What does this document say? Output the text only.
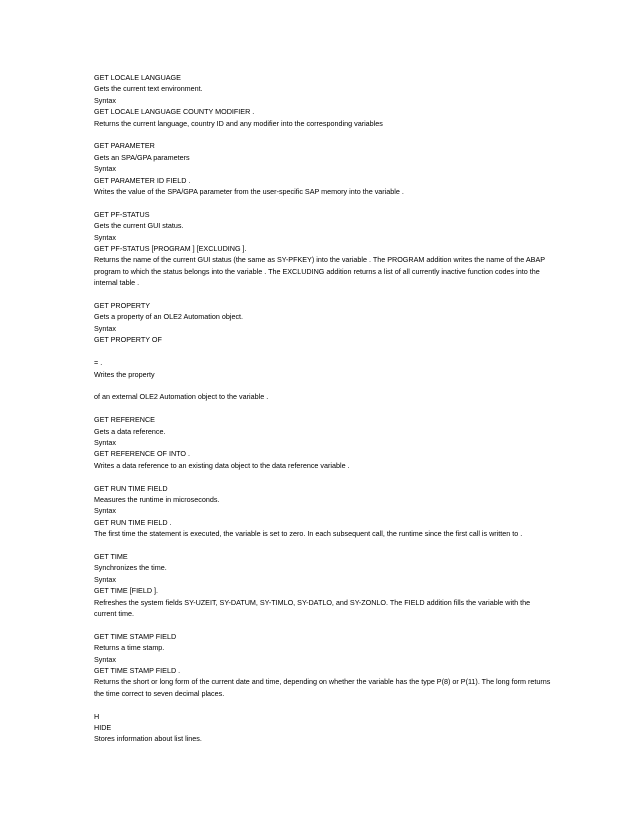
GET LOCALE LANGUAGE
Gets the current text environment.
Syntax
GET LOCALE LANGUAGE COUNTY MODIFIER .
Returns the current language, country ID and any modifier into the corresponding variables
GET PARAMETER
Gets an SPA/GPA parameters
Syntax
GET PARAMETER ID FIELD .
Writes the value of the SPA/GPA parameter from the user-specific SAP memory into the variable .
GET PF-STATUS
Gets the current GUI status.
Syntax
GET PF-STATUS [PROGRAM ] [EXCLUDING ].
Returns the name of the current GUI status (the same as SY-PFKEY) into the variable . The PROGRAM addition writes the name of the ABAP program to which the status belongs into the variable . The EXCLUDING addition returns a list of all currently inactive function codes into the internal table .
GET PROPERTY
Gets a property of an OLE2 Automation object.
Syntax
GET PROPERTY OF
= .
Writes the property
of an external OLE2 Automation object to the variable .
GET REFERENCE
Gets a data reference.
Syntax
GET REFERENCE OF INTO .
Writes a data reference to an existing data object to the data reference variable .
GET RUN TIME FIELD
Measures the runtime in microseconds.
Syntax
GET RUN TIME FIELD .
The first time the statement is executed, the variable is set to zero. In each subsequent call, the runtime since the first call is written to .
GET TIME
Synchronizes the time.
Syntax
GET TIME [FIELD ].
Refreshes the system fields SY-UZEIT, SY-DATUM, SY-TIMLO, SY-DATLO, and SY-ZONLO. The FIELD addition fills the variable with the current time.
GET TIME STAMP FIELD
Returns a time stamp.
Syntax
GET TIME STAMP FIELD .
Returns the short or long form of the current date and time, depending on whether the variable has the type P(8) or P(11). The long form returns the time correct to seven decimal places.
H
HIDE
Stores information about list lines.
